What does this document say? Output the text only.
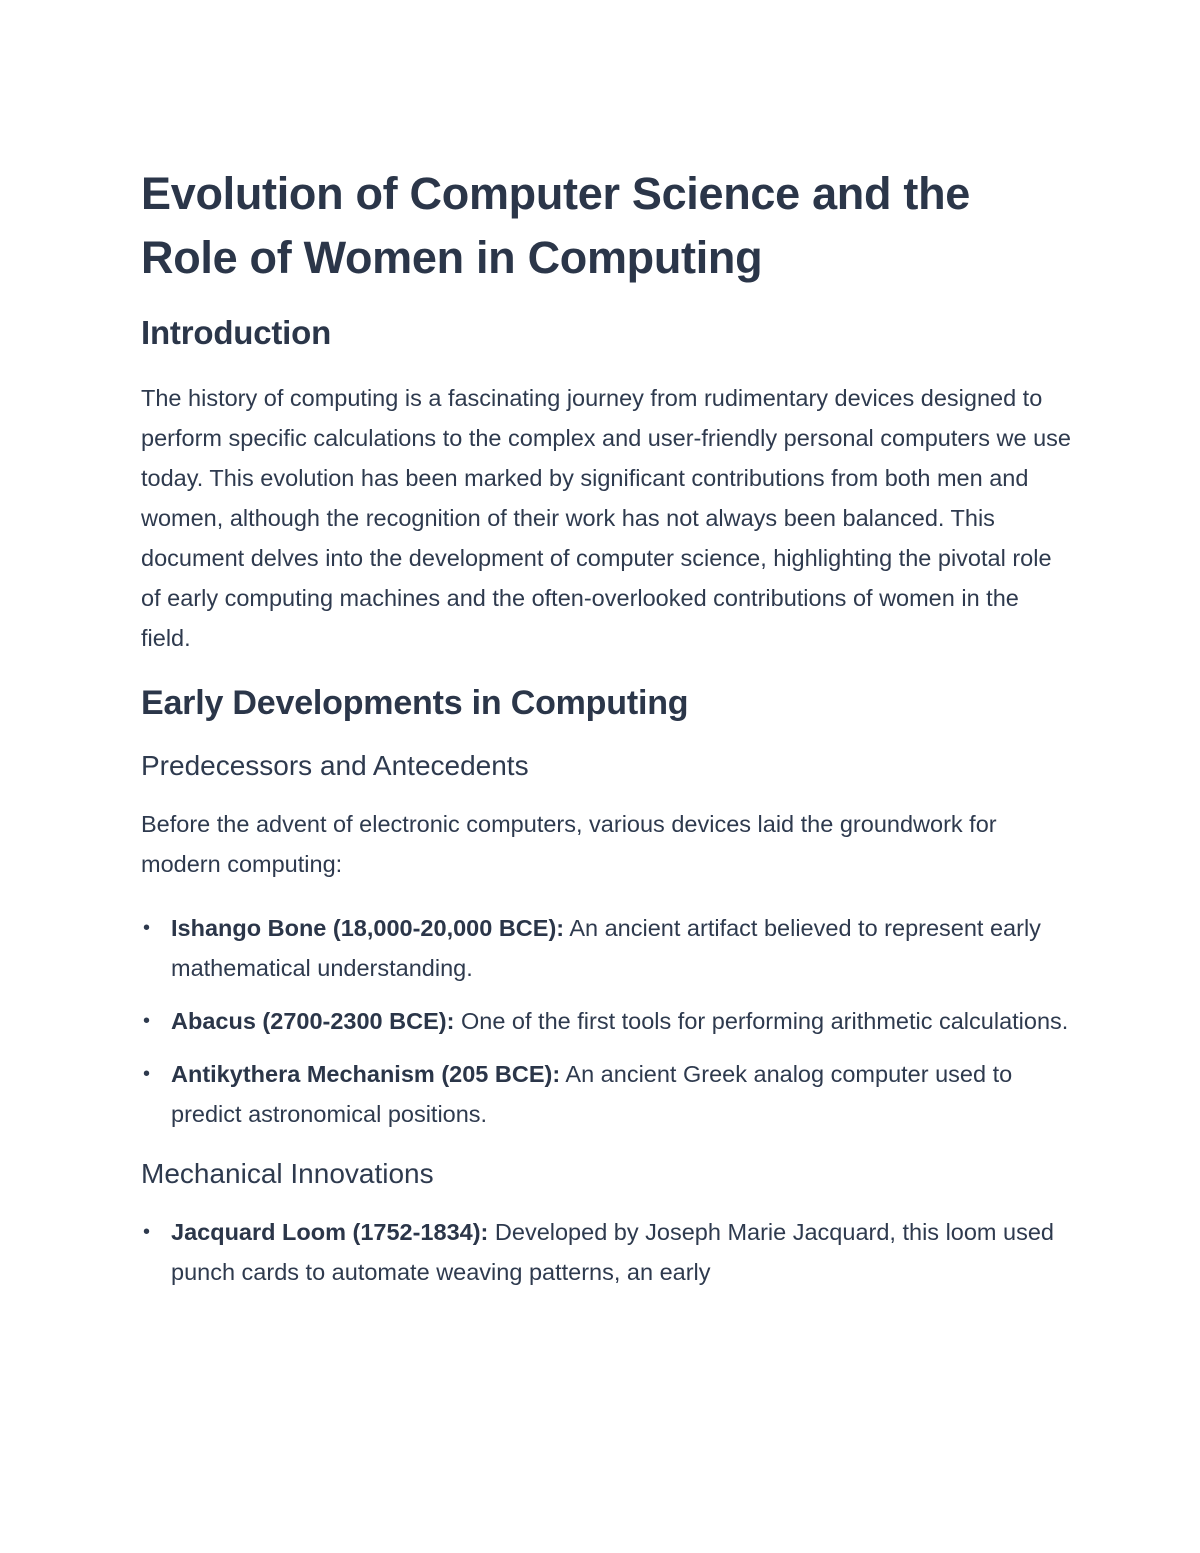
Evolution of Computer Science and the Role of Women in Computing
Introduction

The history of computing is a fascinating journey from rudimentary devices designed to perform specific calculations to the complex and user-friendly personal computers we use today. This evolution has been marked by significant contributions from both men and women, although the recognition of their work has not always been balanced. This document delves into the development of computer science, highlighting the pivotal role of early computing machines and the often-overlooked contributions of women in the field.

Early Developments in Computing
Predecessors and Antecedents

Before the advent of electronic computers, various devices laid the groundwork for modern computing:

• Ishango Bone (18,000-20,000 BCE): An ancient artifact believed to represent early mathematical understanding.
• Abacus (2700-2300 BCE): One of the first tools for performing arithmetic calculations.
• Antikythera Mechanism (205 BCE): An ancient Greek analog computer used to predict astronomical positions.
Mechanical Innovations
• Jacquard Loom (1752-1834): Developed by Joseph Marie Jacquard, this loom used punch cards to automate weaving patterns, an early
